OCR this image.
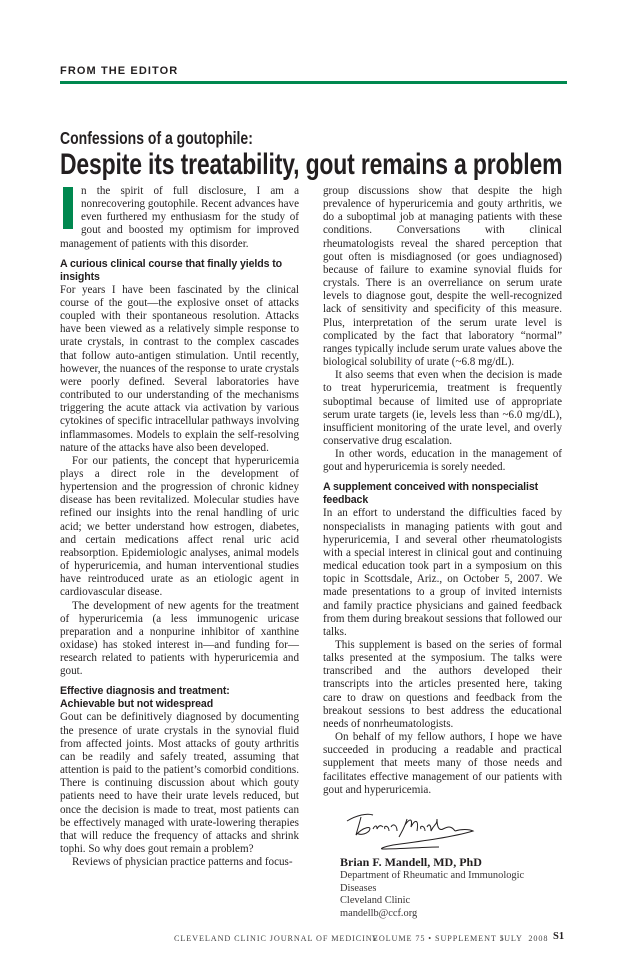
FROM THE EDITOR
Confessions of a goutophile:
Despite its treatability, gout remains a problem

n the spirit of full disclosure, I am a nonrecovering goutophile. Recent advances have even furthered my enthusiasm for the study of gout and boosted my optimism for improved management of patients with this disorder.

A curious clinical course that finally yields to insights

For years I have been fascinated by the clinical course of the gout—the explosive onset of attacks coupled with their spontaneous resolution. Attacks have been viewed as a relatively simple response to urate crystals, in contrast to the complex cascades that follow auto-antigen stimulation. Until recently, however, the nuances of the response to urate crystals were poorly defined. Several laboratories have contributed to our understanding of the mechanisms triggering the acute attack via activation by various cytokines of specific intracellular pathways involving inflammasomes. Models to explain the self-resolving nature of the attacks have also been developed.

For our patients, the concept that hyperuricemia plays a direct role in the development of hypertension and the progression of chronic kidney disease has been revitalized. Molecular studies have refined our insights into the renal handling of uric acid; we better understand how estrogen, diabetes, and certain medications affect renal uric acid reabsorption. Epidemiologic analyses, animal models of hyperuricemia, and human interventional studies have reintroduced urate as an etiologic agent in cardiovascular disease.

The development of new agents for the treatment of hyperuricemia (a less immunogenic uricase preparation and a nonpurine inhibitor of xanthine oxidase) has stoked interest in—and funding for—research related to patients with hyperuricemia and gout.

Effective diagnosis and treatment:
Achievable but not widespread

Gout can be definitively diagnosed by documenting the presence of urate crystals in the synovial fluid from affected joints. Most attacks of gouty arthritis can be readily and safely treated, assuming that attention is paid to the patient’s comorbid conditions. There is continuing discussion about which gouty patients need to have their urate levels reduced, but once the decision is made to treat, most patients can be effectively managed with urate-lowering therapies that will reduce the frequency of attacks and shrink tophi. So why does gout remain a problem?

Reviews of physician practice patterns and focus-

group discussions show that despite the high prevalence of hyperuricemia and gouty arthritis, we do a suboptimal job at managing patients with these conditions. Conversations with clinical rheumatologists reveal the shared perception that gout often is misdiagnosed (or goes undiagnosed) because of failure to examine synovial fluids for crystals. There is an overreliance on serum urate levels to diagnose gout, despite the well-recognized lack of sensitivity and specificity of this measure. Plus, interpretation of the serum urate level is complicated by the fact that laboratory “normal” ranges typically include serum urate values above the biological solubility of urate (~6.8 mg/dL).

It also seems that even when the decision is made to treat hyperuricemia, treatment is frequently suboptimal because of limited use of appropriate serum urate targets (ie, levels less than ~6.0 mg/dL), insufficient monitoring of the urate level, and overly conservative drug escalation.

In other words, education in the management of gout and hyperuricemia is sorely needed.

A supplement conceived with nonspecialist feedback

In an effort to understand the difficulties faced by nonspecialists in managing patients with gout and hyperuricemia, I and several other rheumatologists with a special interest in clinical gout and continuing medical education took part in a symposium on this topic in Scottsdale, Ariz., on October 5, 2007. We made presentations to a group of invited internists and family practice physicians and gained feedback from them during breakout sessions that followed our talks.

This supplement is based on the series of formal talks presented at the symposium. The talks were transcribed and the authors developed their transcripts into the articles presented here, taking care to draw on questions and feedback from the breakout sessions to best address the educational needs of nonrheumatologists.

On behalf of my fellow authors, I hope we have succeeded in producing a readable and practical supplement that meets many of those needs and facilitates effective management of our patients with gout and hyperuricemia.

Brian F. Mandell, MD, PhD
Department of Rheumatic and Immunologic Diseases
Cleveland Clinic
mandellb@ccf.org
CLEVELAND CLINIC JOURNAL OF MEDICINE
VOLUME 75 • SUPPLEMENT 5
JULY  2008 S1
